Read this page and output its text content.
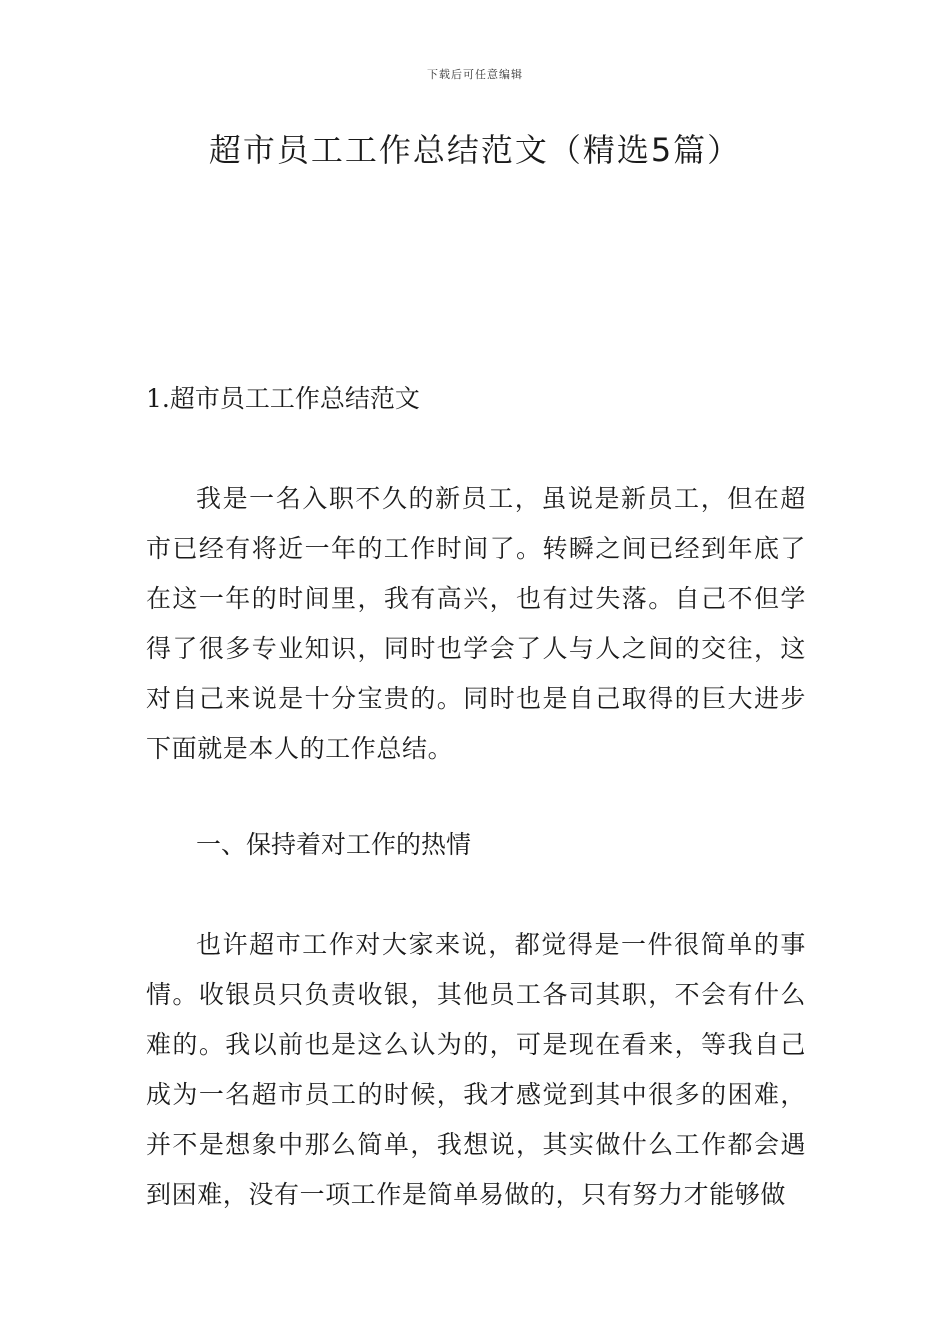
下载后可任意编辑
超市员工工作总结范文（精选5篇）

1.超市员工工作总结范文

我是一名入职不久的新员工，虽说是新员工，但在超市已经有将近一年的工作时间了。转瞬之间已经到年底了在这一年的时间里，我有高兴，也有过失落。自己不但学得了很多专业知识，同时也学会了人与人之间的交往，这对自己来说是十分宝贵的。同时也是自己取得的巨大进步下面就是本人的工作总结。

一、保持着对工作的热情

也许超市工作对大家来说，都觉得是一件很简单的事情。收银员只负责收银，其他员工各司其职，不会有什么难的。我以前也是这么认为的，可是现在看来，等我自己成为一名超市员工的时候，我才感觉到其中很多的困难，并不是想象中那么简单，我想说，其实做什么工作都会遇到困难，没有一项工作是简单易做的，只有努力才能够做
